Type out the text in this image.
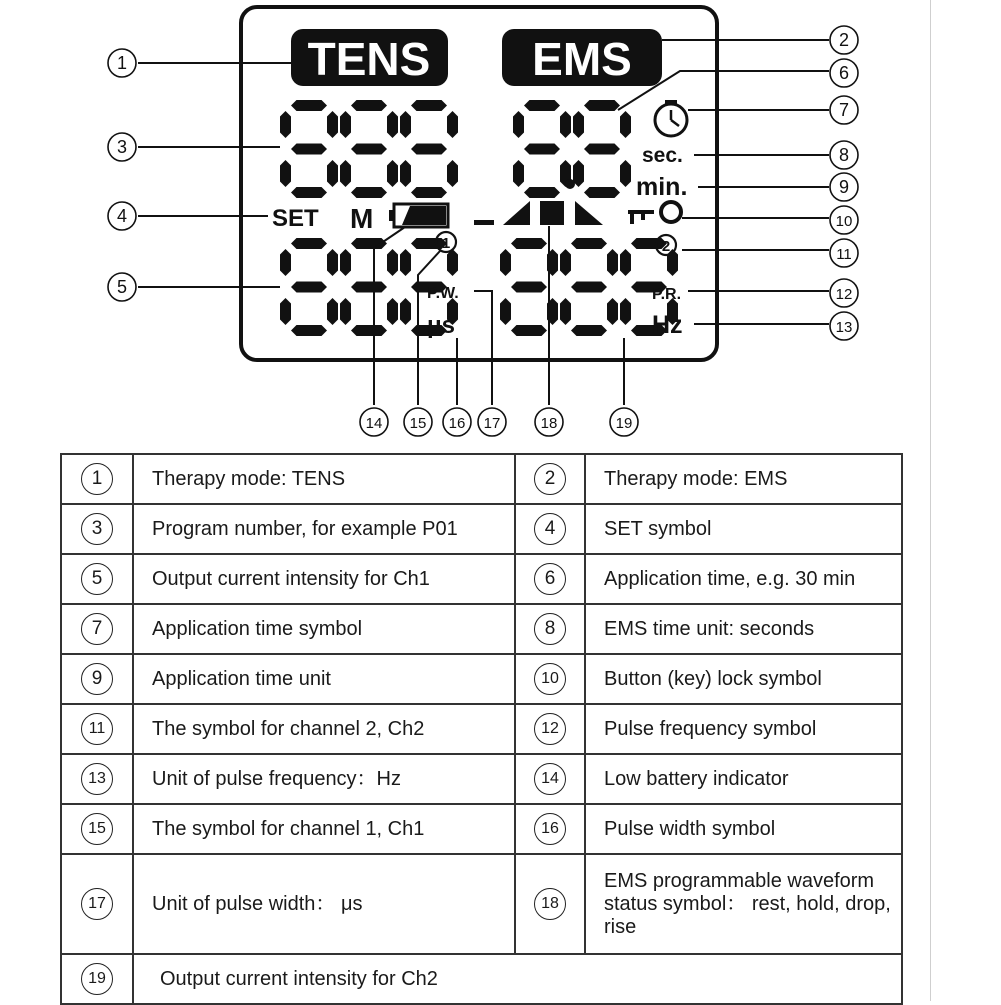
TENS EMS
SET M
sec.
min.
1	2
P.W.
μs
P.R.
Hz
1
2
3
4
5
6
7
8
9
10
11
12
13
14 15 16 17	18	19
1	Therapy mode: TENS	2	Therapy mode: EMS
3	Program number, for example P01	4	SET symbol
5	Output current intensity for Ch1	6	Application time, e.g. 30 min
7	Application time symbol	8	EMS time unit: seconds
9	Application time unit	10	Button (key) lock symbol
11	The symbol for channel 2, Ch2	12	Pulse frequency symbol
13	Unit of pulse frequency：Hz	14	Low battery indicator
15	The symbol for channel 1, Ch1	16	Pulse width symbol
17	Unit of pulse width： μs	18	EMS programmable waveform status symbol： rest, hold, drop, rise
19	Output current intensity for Ch2		
